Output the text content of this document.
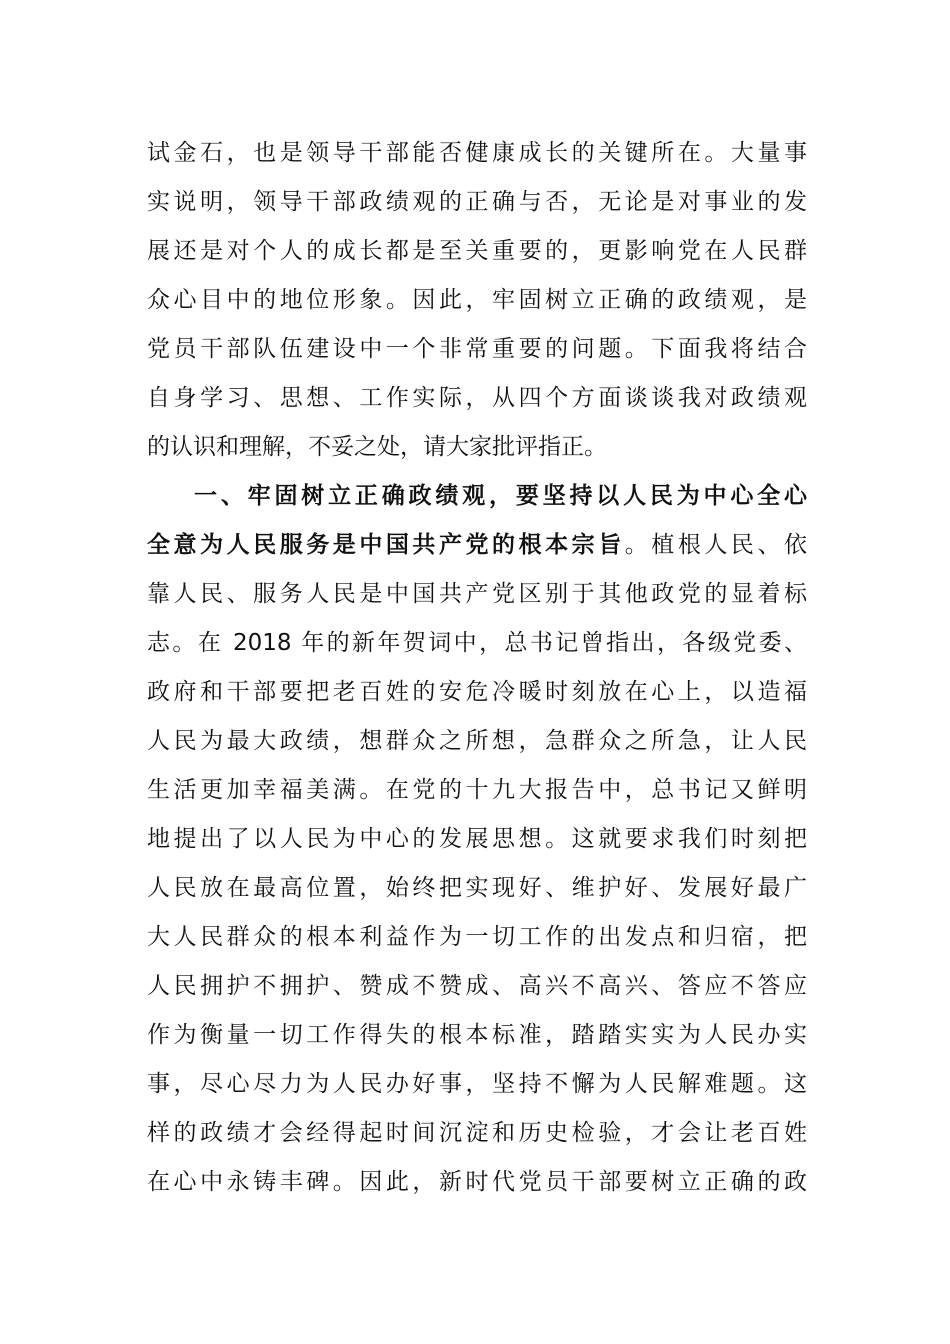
试金石，也是领导干部能否健康成长的关键所在。大量事
实说明，领导干部政绩观的正确与否，无论是对事业的发
展还是对个人的成长都是至关重要的，更影响党在人民群
众心目中的地位形象。因此，牢固树立正确的政绩观，是
党员干部队伍建设中一个非常重要的问题。下面我将结合
自身学习、思想、工作实际，从四个方面谈谈我对政绩观
的认识和理解，不妥之处，请大家批评指正。
一、牢固树立正确政绩观，要坚持以人民为中心全心
全意为人民服务是中国共产党的根本宗旨。植根人民、依
靠人民、服务人民是中国共产党区别于其他政党的显着标
志。在 2018 年的新年贺词中，总书记曾指出，各级党委、
政府和干部要把老百姓的安危冷暖时刻放在心上，以造福
人民为最大政绩，想群众之所想，急群众之所急，让人民
生活更加幸福美满。在党的十九大报告中，总书记又鲜明
地提出了以人民为中心的发展思想。这就要求我们时刻把
人民放在最高位置，始终把实现好、维护好、发展好最广
大人民群众的根本利益作为一切工作的出发点和归宿，把
人民拥护不拥护、赞成不赞成、高兴不高兴、答应不答应
作为衡量一切工作得失的根本标准，踏踏实实为人民办实
事，尽心尽力为人民办好事，坚持不懈为人民解难题。这
样的政绩才会经得起时间沉淀和历史检验，才会让老百姓
在心中永铸丰碑。因此，新时代党员干部要树立正确的政
